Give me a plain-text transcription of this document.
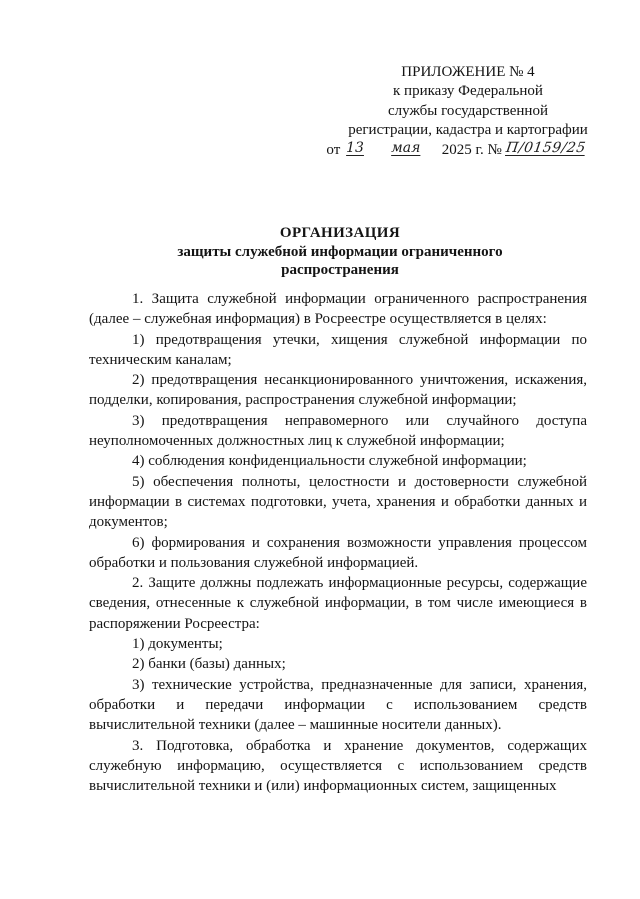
ПРИЛОЖЕНИЕ № 4
к приказу Федеральной
службы государственной
регистрации, кадастра и картографии
от 13 мая 2025 г. № П/0159/25
ОРГАНИЗАЦИЯ
защиты служебной информации ограниченного
распространения

1. Защита служебной информации ограниченного распространения (далее – служебная информация) в Росреестре осуществляется в целях:

1) предотвращения утечки, хищения служебной информации по техническим каналам;

2) предотвращения несанкционированного уничтожения, искажения, подделки, копирования, распространения служебной информации;

3) предотвращения неправомерного или случайного доступа неуполномоченных должностных лиц к служебной информации;

4) соблюдения конфиденциальности служебной информации;

5) обеспечения полноты, целостности и достоверности служебной информации в системах подготовки, учета, хранения и обработки данных и документов;

6) формирования и сохранения возможности управления процессом обработки и пользования служебной информацией.

2. Защите должны подлежать информационные ресурсы, содержащие сведения, отнесенные к служебной информации, в том числе имеющиеся в распоряжении Росреестра:

1) документы;

2) банки (базы) данных;

3) технические устройства, предназначенные для записи, хранения, обработки и передачи информации с использованием средств вычислительной техники (далее – машинные носители данных).

3. Подготовка, обработка и хранение документов, содержащих служебную информацию, осуществляется с использованием средств вычислительной техники и (или) информационных систем, защищенных
